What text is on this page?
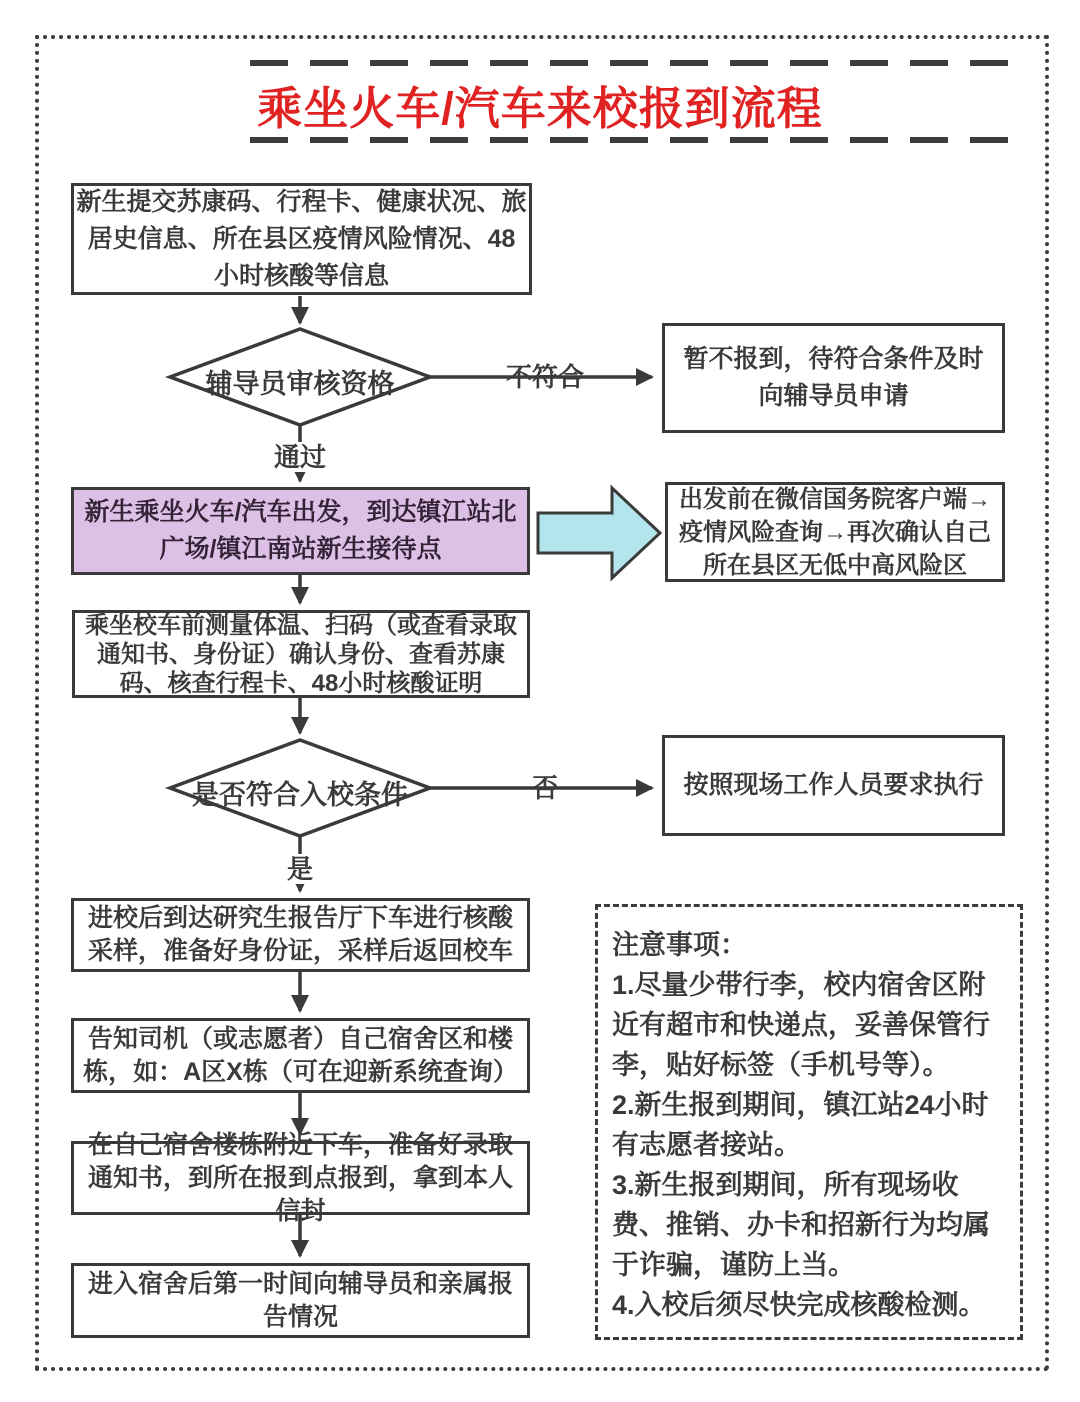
乘坐火车/汽车来校报到流程
新生提交苏康码、行程卡、健康状况、旅居史信息、所在县区疫情风险情况、48小时核酸等信息
辅导员审核资格	不符合
暂不报到，待符合条件及时向辅导员申请
通过
新生乘坐火车/汽车出发，到达镇江站北广场/镇江南站新生接待点
出发前在微信国务院客户端→疫情风险查询→再次确认自己所在县区无低中高风险区
乘坐校车前测量体温、扫码（或查看录取通知书、身份证）确认身份、查看苏康码、核查行程卡、48小时核酸证明
是否符合入校条件	否	按照现场工作人员要求执行
是
进校后到达研究生报告厅下车进行核酸采样，准备好身份证，采样后返回校车
告知司机（或志愿者）自己宿舍区和楼栋，如：A区X栋（可在迎新系统查询）
在自己宿舍楼栋附近下车，准备好录取通知书，到所在报到点报到，拿到本人信封
进入宿舍后第一时间向辅导员和亲属报告情况
注意事项：
1.尽量少带行李，校内宿舍区附近有超市和快递点，妥善保管行李，贴好标签（手机号等）。
2.新生报到期间，镇江站24小时有志愿者接站。
3.新生报到期间，所有现场收费、推销、办卡和招新行为均属于诈骗，谨防上当。
4.入校后须尽快完成核酸检测。
